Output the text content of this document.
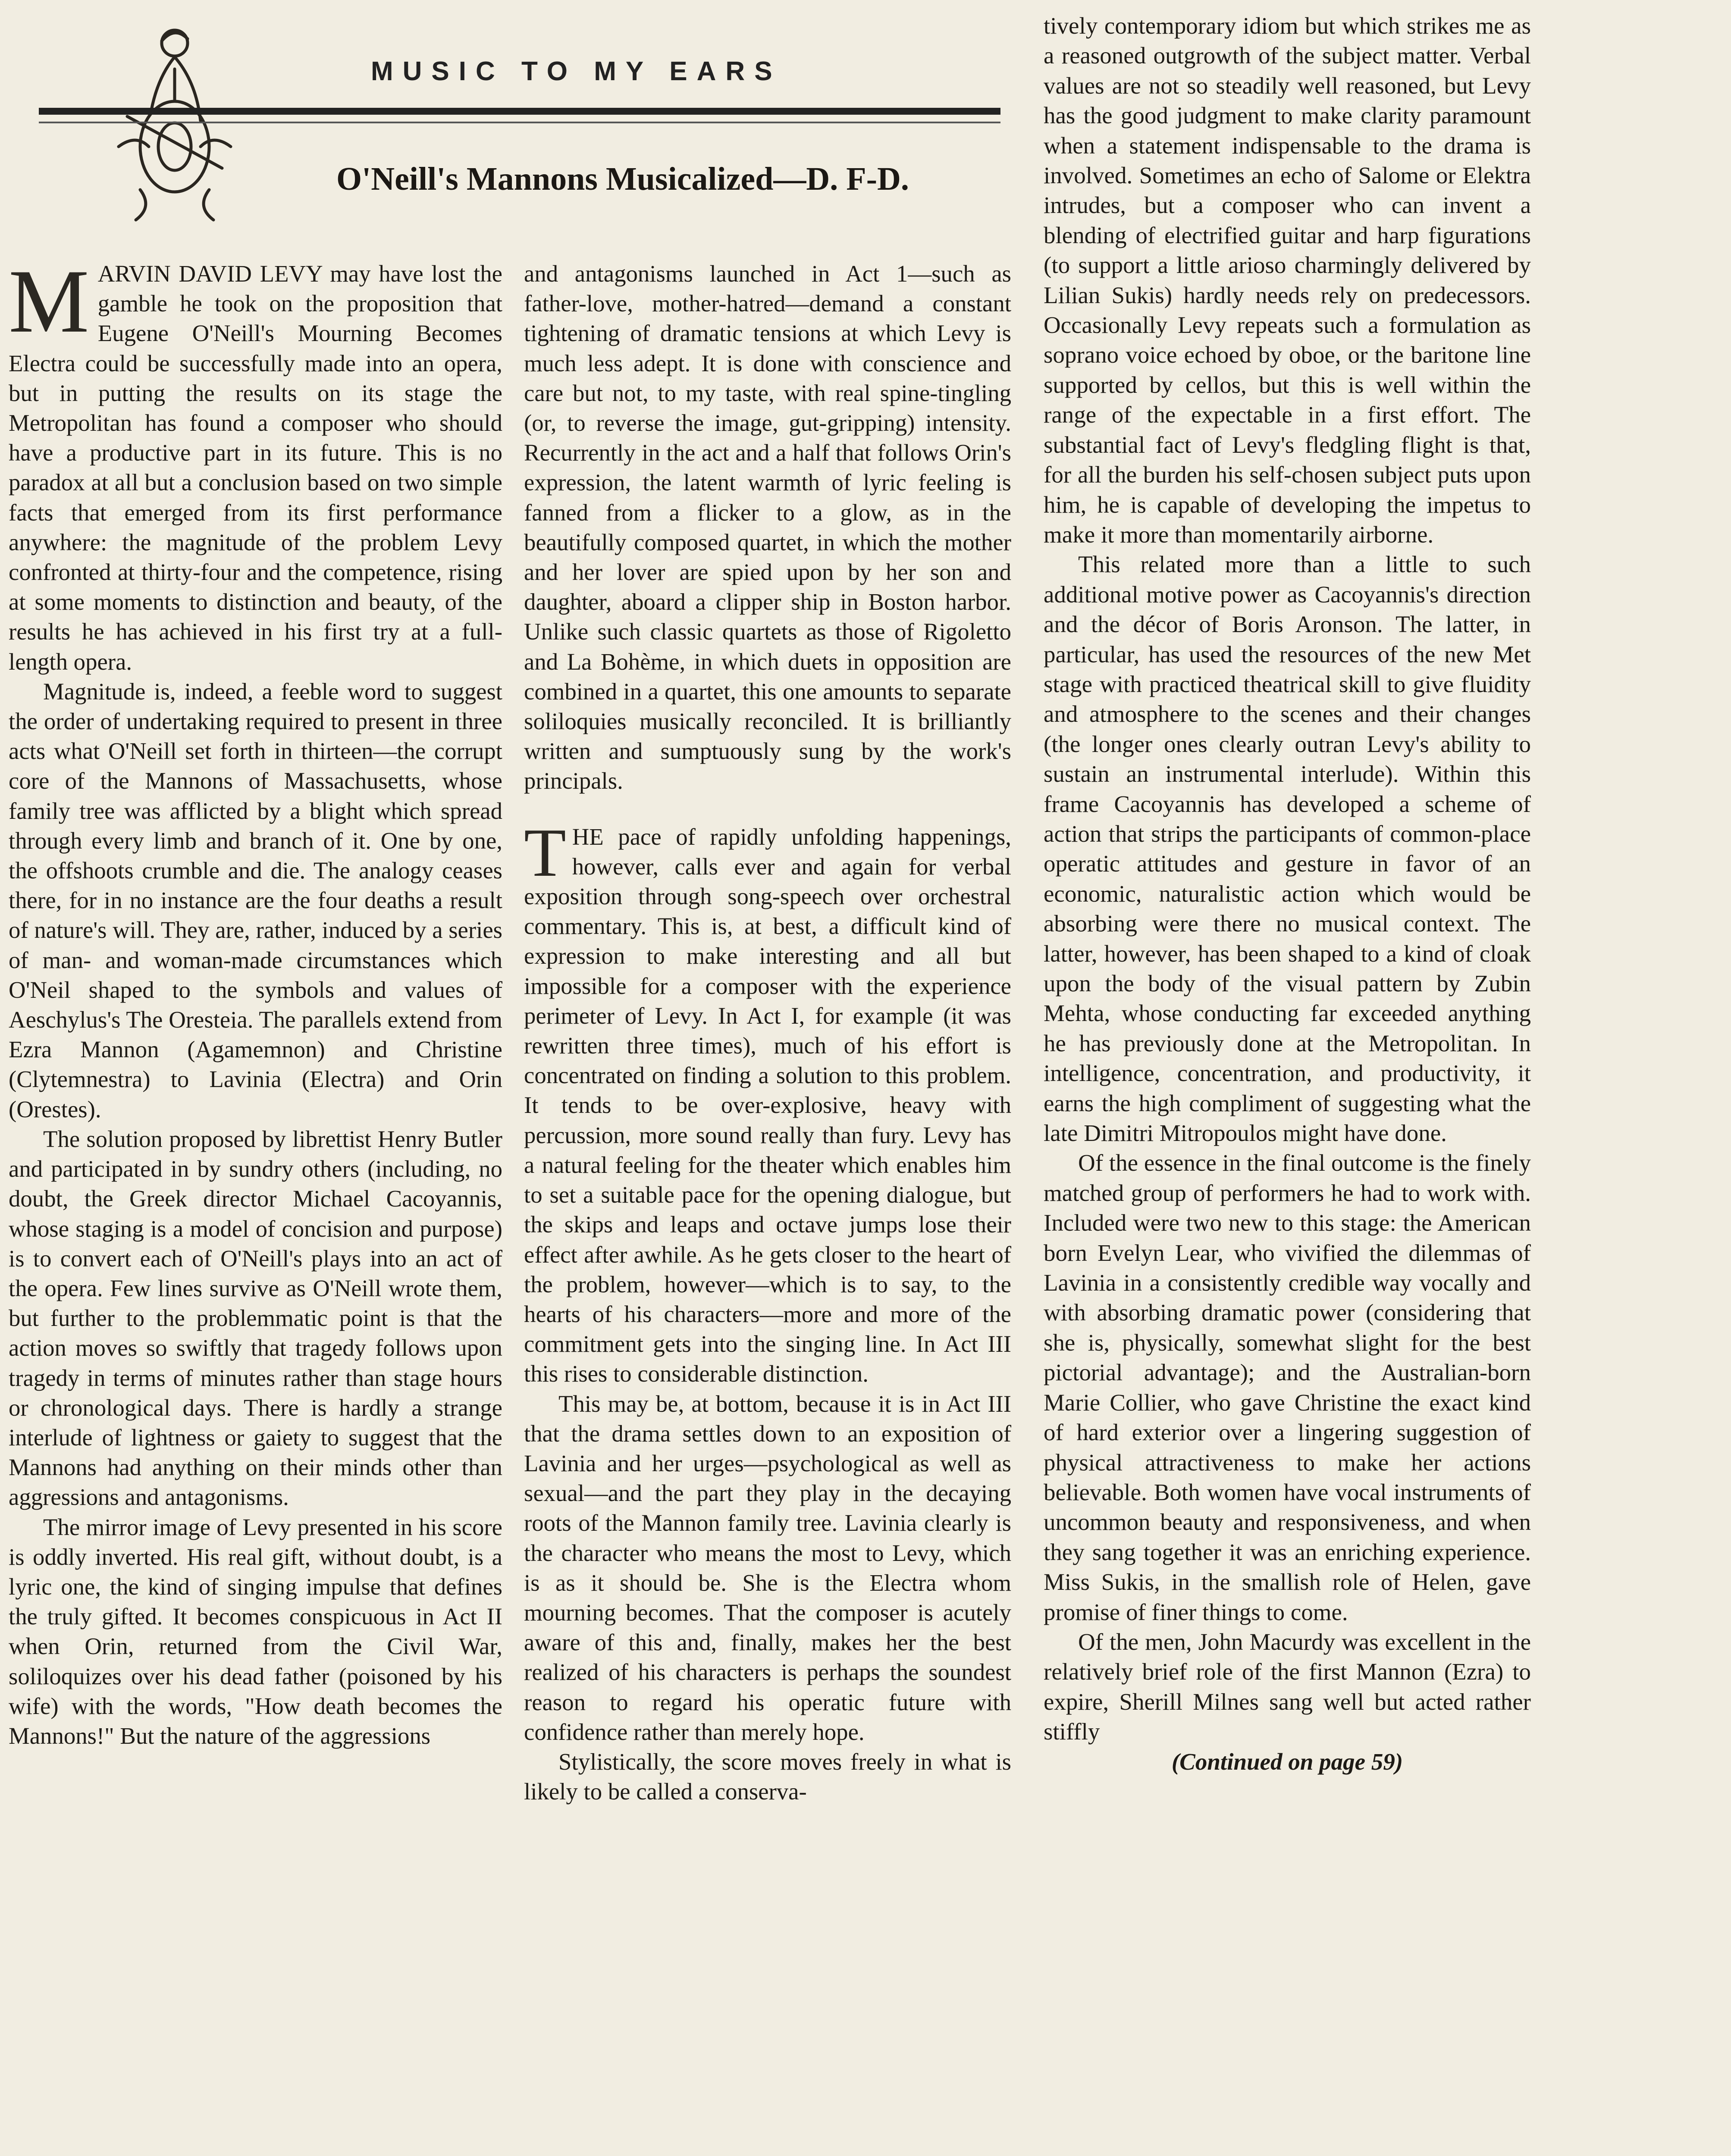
MUSIC TO MY EARS
O'Neill's Mannons Musicalized—D. F-D.

MARVIN DAVID LEVY may have lost the gamble he took on the proposition that Eugene O'Neill's Mourning Becomes Electra could be successfully made into an opera, but in putting the results on its stage the Metropolitan has found a composer who should have a productive part in its future. This is no paradox at all but a conclusion based on two simple facts that emerged from its first performance anywhere: the magnitude of the problem Levy confronted at thirty-four and the competence, rising at some moments to distinction and beauty, of the results he has achieved in his first try at a full-length opera.

Magnitude is, indeed, a feeble word to suggest the order of undertaking required to present in three acts what O'Neill set forth in thirteen—the corrupt core of the Mannons of Massachusetts, whose family tree was afflicted by a blight which spread through every limb and branch of it. One by one, the offshoots crumble and die. The analogy ceases there, for in no instance are the four deaths a result of nature's will. They are, rather, induced by a series of man- and woman-made circumstances which O'Neil shaped to the symbols and values of Aeschylus's The Oresteia. The parallels extend from Ezra Mannon (Agamemnon) and Christine (Clytemnestra) to Lavinia (Electra) and Orin (Orestes).

The solution proposed by librettist Henry Butler and participated in by sundry others (including, no doubt, the Greek director Michael Cacoyannis, whose staging is a model of concision and purpose) is to convert each of O'Neill's plays into an act of the opera. Few lines survive as O'Neill wrote them, but further to the problemmatic point is that the action moves so swiftly that tragedy follows upon tragedy in terms of minutes rather than stage hours or chronological days. There is hardly a strange interlude of lightness or gaiety to suggest that the Mannons had anything on their minds other than aggressions and antagonisms.

The mirror image of Levy presented in his score is oddly inverted. His real gift, without doubt, is a lyric one, the kind of singing impulse that defines the truly gifted. It becomes conspicuous in Act II when Orin, returned from the Civil War, soliloquizes over his dead father (poisoned by his wife) with the words, "How death becomes the Mannons!" But the nature of the aggressions

and antagonisms launched in Act 1—such as father-love, mother-hatred—demand a constant tightening of dramatic tensions at which Levy is much less adept. It is done with conscience and care but not, to my taste, with real spine-tingling (or, to reverse the image, gut-gripping) intensity. Recurrently in the act and a half that follows Orin's expression, the latent warmth of lyric feeling is fanned from a flicker to a glow, as in the beautifully composed quartet, in which the mother and her lover are spied upon by her son and daughter, aboard a clipper ship in Boston harbor. Unlike such classic quartets as those of Rigoletto and La Bohème, in which duets in opposition are combined in a quartet, this one amounts to separate soliloquies musically reconciled. It is brilliantly written and sumptuously sung by the work's principals.

THE pace of rapidly unfolding happenings, however, calls ever and again for verbal exposition through song-speech over orchestral commentary. This is, at best, a difficult kind of expression to make interesting and all but impossible for a composer with the experience perimeter of Levy. In Act I, for example (it was rewritten three times), much of his effort is concentrated on finding a solution to this problem. It tends to be over-explosive, heavy with percussion, more sound really than fury. Levy has a natural feeling for the theater which enables him to set a suitable pace for the opening dialogue, but the skips and leaps and octave jumps lose their effect after awhile. As he gets closer to the heart of the problem, however—which is to say, to the hearts of his characters—more and more of the commitment gets into the singing line. In Act III this rises to considerable distinction.

This may be, at bottom, because it is in Act III that the drama settles down to an exposition of Lavinia and her urges—psychological as well as sexual—and the part they play in the decaying roots of the Mannon family tree. Lavinia clearly is the character who means the most to Levy, which is as it should be. She is the Electra whom mourning becomes. That the composer is acutely aware of this and, finally, makes her the best realized of his characters is perhaps the soundest reason to regard his operatic future with confidence rather than merely hope.

Stylistically, the score moves freely in what is likely to be called a conserva-

tively contemporary idiom but which strikes me as a reasoned outgrowth of the subject matter. Verbal values are not so steadily well reasoned, but Levy has the good judgment to make clarity paramount when a statement indispensable to the drama is involved. Sometimes an echo of Salome or Elektra intrudes, but a composer who can invent a blending of electrified guitar and harp figurations (to support a little arioso charmingly delivered by Lilian Sukis) hardly needs rely on predecessors. Occasionally Levy repeats such a formulation as soprano voice echoed by oboe, or the baritone line supported by cellos, but this is well within the range of the expectable in a first effort. The substantial fact of Levy's fledgling flight is that, for all the burden his self-chosen subject puts upon him, he is capable of developing the impetus to make it more than momentarily airborne.

This related more than a little to such additional motive power as Cacoyannis's direction and the décor of Boris Aronson. The latter, in particular, has used the resources of the new Met stage with practiced theatrical skill to give fluidity and atmosphere to the scenes and their changes (the longer ones clearly outran Levy's ability to sustain an instrumental interlude). Within this frame Cacoyannis has developed a scheme of action that strips the participants of common-place operatic attitudes and gesture in favor of an economic, naturalistic action which would be absorbing were there no musical context. The latter, however, has been shaped to a kind of cloak upon the body of the visual pattern by Zubin Mehta, whose conducting far exceeded anything he has previously done at the Metropolitan. In intelligence, concentration, and productivity, it earns the high compliment of suggesting what the late Dimitri Mitropoulos might have done.

Of the essence in the final outcome is the finely matched group of performers he had to work with. Included were two new to this stage: the American born Evelyn Lear, who vivified the dilemmas of Lavinia in a consistently credible way vocally and with absorbing dramatic power (considering that she is, physically, somewhat slight for the best pictorial advantage); and the Australian-born Marie Collier, who gave Christine the exact kind of hard exterior over a lingering suggestion of physical attractiveness to make her actions believable. Both women have vocal instruments of uncommon beauty and responsiveness, and when they sang together it was an enriching experience. Miss Sukis, in the smallish role of Helen, gave promise of finer things to come.

Of the men, John Macurdy was excellent in the relatively brief role of the first Mannon (Ezra) to expire, Sherill Milnes sang well but acted rather stiffly

(Continued on page 59)
